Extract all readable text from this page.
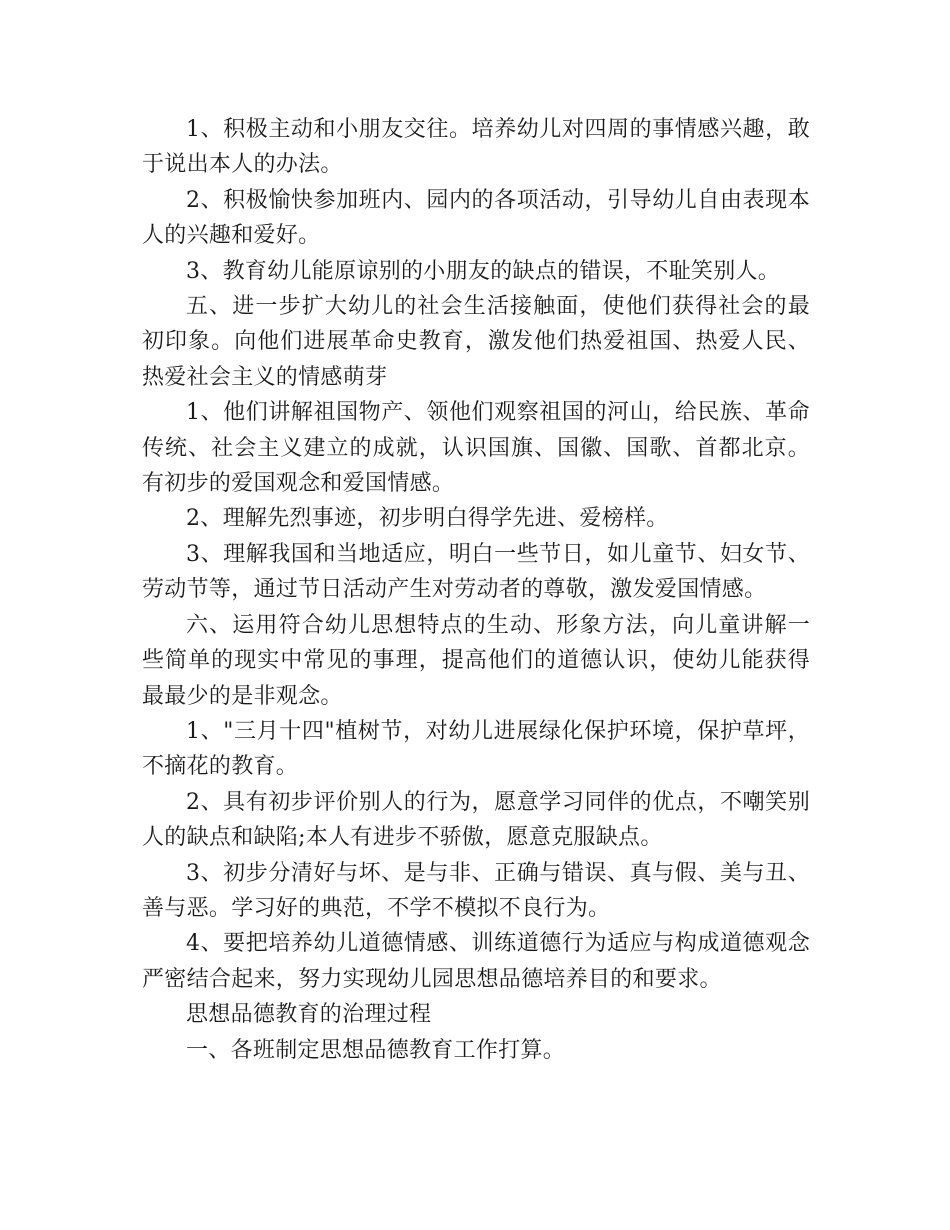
1、积极主动和小朋友交往。培养幼儿对四周的事情感兴趣，敢于说出本人的办法。

2、积极愉快参加班内、园内的各项活动，引导幼儿自由表现本人的兴趣和爱好。

3、教育幼儿能原谅别的小朋友的缺点的错误，不耻笑别人。

五、进一步扩大幼儿的社会生活接触面，使他们获得社会的最初印象。向他们进展革命史教育，激发他们热爱祖国、热爱人民、热爱社会主义的情感萌芽

1、他们讲解祖国物产、领他们观察祖国的河山，给民族、革命传统、社会主义建立的成就，认识国旗、国徽、国歌、首都北京。有初步的爱国观念和爱国情感。

2、理解先烈事迹，初步明白得学先进、爱榜样。

3、理解我国和当地适应，明白一些节日，如儿童节、妇女节、劳动节等，通过节日活动产生对劳动者的尊敬，激发爱国情感。

六、运用符合幼儿思想特点的生动、形象方法，向儿童讲解一些简单的现实中常见的事理，提高他们的道德认识，使幼儿能获得最最少的是非观念。

1、"三月十四"植树节，对幼儿进展绿化保护环境，保护草坪，不摘花的教育。

2、具有初步评价别人的行为，愿意学习同伴的优点，不嘲笑别人的缺点和缺陷;本人有进步不骄傲，愿意克服缺点。

3、初步分清好与坏、是与非、正确与错误、真与假、美与丑、善与恶。学习好的典范，不学不模拟不良行为。

4、要把培养幼儿道德情感、训练道德行为适应与构成道德观念严密结合起来，努力实现幼儿园思想品德培养目的和要求。

思想品德教育的治理过程

一、各班制定思想品德教育工作打算。
